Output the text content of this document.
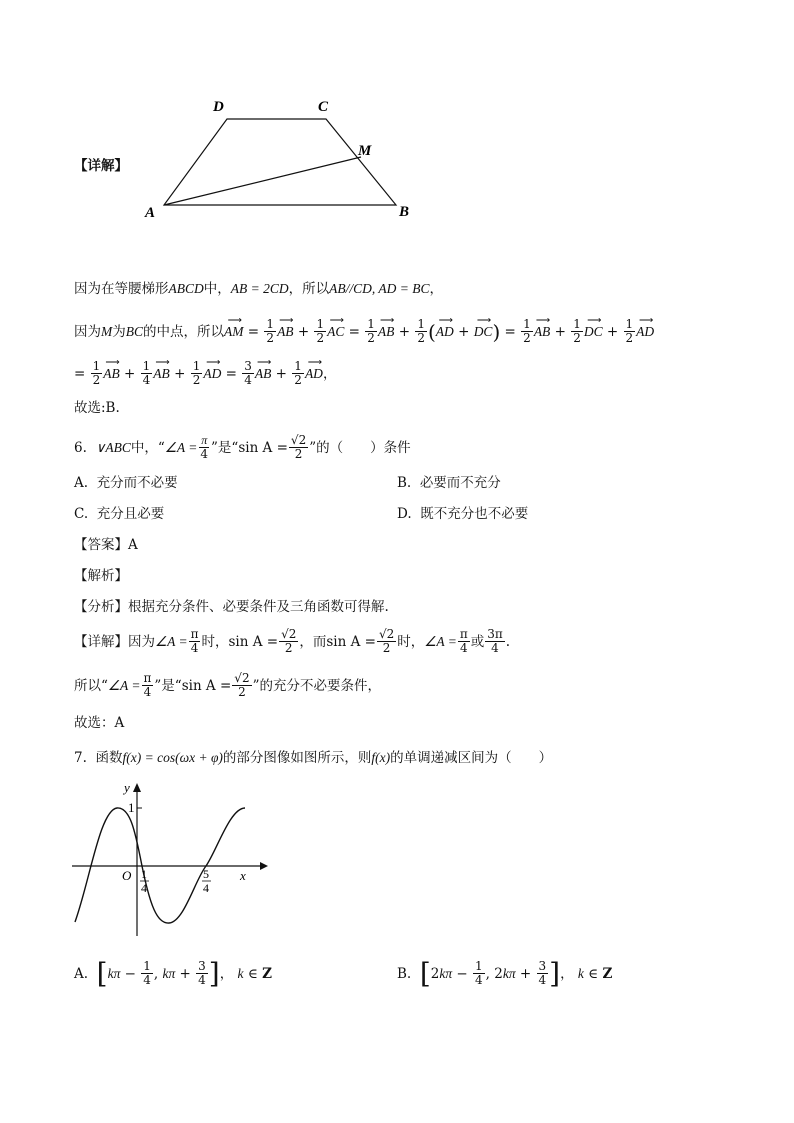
【详解】
D	C
M
A	B
因为在等腰梯形ABCD中，AB = 2CD，所以AB//CD, AD = BC，
因为 M 为 BC 的中点，所以 ⟶ AM = 1
2 ⟶ AB + 1
2 ⟶ AC = 1
2 ⟶ AB + 1
2 ( ⟶ AD + ⟶ DC ) = 1
2 ⟶ AB + 1
2 ⟶ DC + 1
2 ⟶ AD
= 1
2 ⟶ AB + 1
4 ⟶ AB + 1
2 ⟶ AD = 3
4 ⟶ AB + 1
2 ⟶ AD ，
故选:B.
6.
∨ABC 中，“ ∠A = $\frac{\pi}{4}$ ”是“ $\sin A = \frac{√2}{2}$ ”的（　　）条件
A. 充分而不必要	B. 必要而不充分
C. 充分且必要	D. 既不充分也不必要
【答案】A
【解析】
【分析】根据充分条件、必要条件及三角函数可得解.
【详解】 因为 ∠A = $\frac{\pi}{4}$ 时， $\sin A = \frac{√2}{2}$ ，而 $\sin A = \frac{√2}{2}$ 时， ∠A = $\frac{\pi}{4}$ 或 3π
4 .
所以“ ∠A = $\frac{\pi}{4}$ ”是“ $\sin A = \frac{√2}{2}$ ”的充分不必要条件，
故选：A
7. 函数f(x) = cos(ωx + φ)的部分图像如图所示，则f(x)的单调递减区间为（　　）
y
x
O
1
1
4
5
4
A.
[ kπ − 1
4 , kπ + 3
4 ] ， k ∈ Z	B.
[ 2 kπ − 1
4 , 2 kπ + 3
4 ] ， k ∈ Z
